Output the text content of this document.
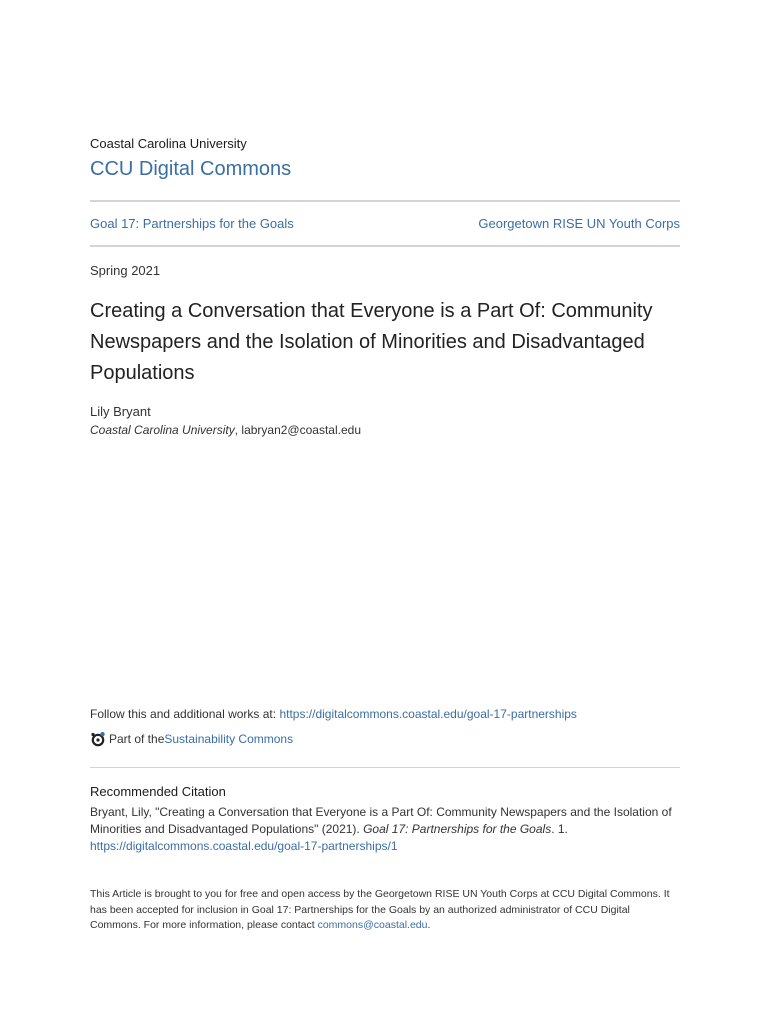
Coastal Carolina University
CCU Digital Commons
Goal 17: Partnerships for the Goals	Georgetown RISE UN Youth Corps
Spring 2021
Creating a Conversation that Everyone is a Part Of: Community Newspapers and the Isolation of Minorities and Disadvantaged Populations
Lily Bryant
Coastal Carolina University, labryan2@coastal.edu
Follow this and additional works at: https://digitalcommons.coastal.edu/goal-17-partnerships
Part of the Sustainability Commons
Recommended Citation
Bryant, Lily, "Creating a Conversation that Everyone is a Part Of: Community Newspapers and the Isolation of Minorities and Disadvantaged Populations" (2021). Goal 17: Partnerships for the Goals. 1.
https://digitalcommons.coastal.edu/goal-17-partnerships/1
This Article is brought to you for free and open access by the Georgetown RISE UN Youth Corps at CCU Digital Commons. It has been accepted for inclusion in Goal 17: Partnerships for the Goals by an authorized administrator of CCU Digital Commons. For more information, please contact commons@coastal.edu.
